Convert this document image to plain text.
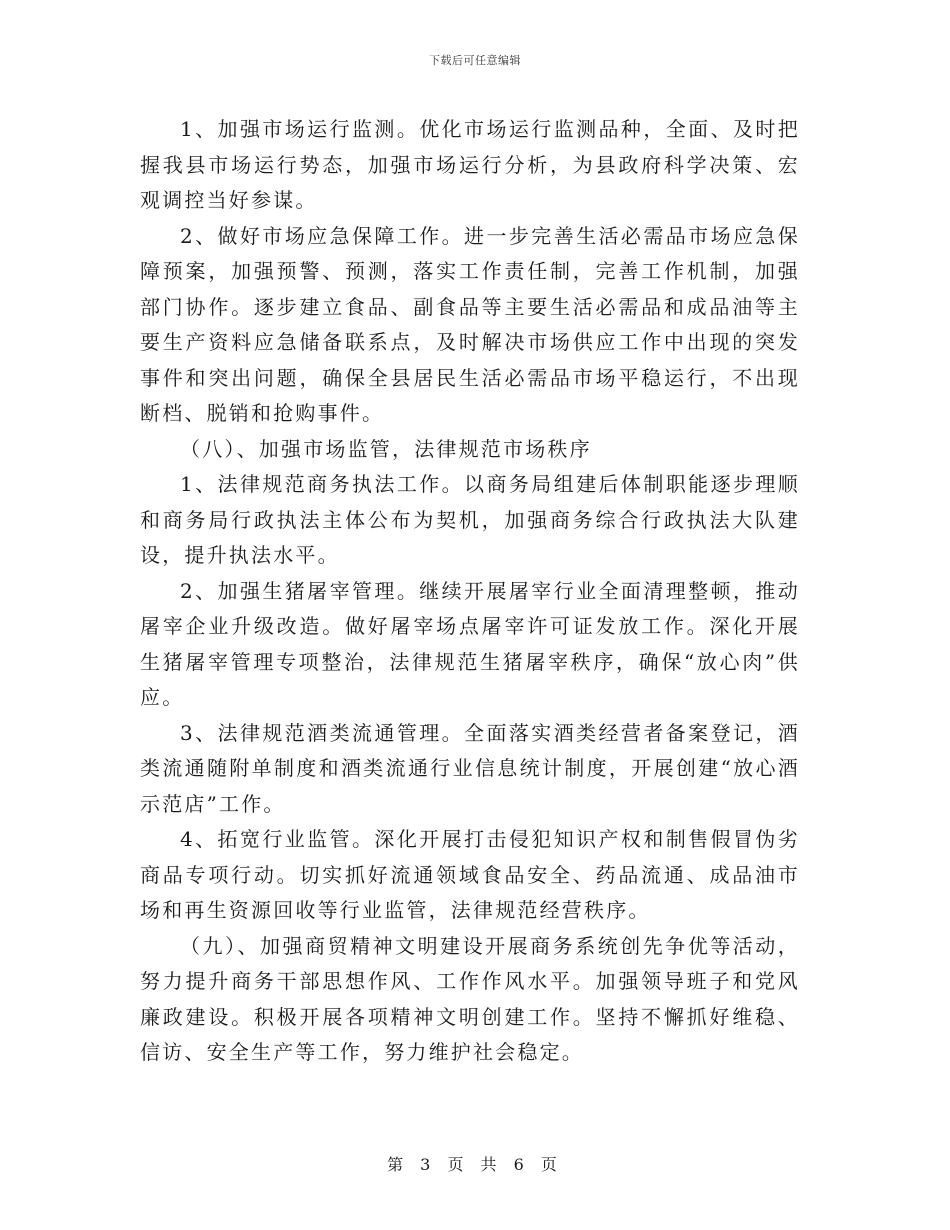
下载后可任意编辑

1、加强市场运行监测。优化市场运行监测品种，全面、及时把握我县市场运行势态，加强市场运行分析，为县政府科学决策、宏观调控当好参谋。

2、做好市场应急保障工作。进一步完善生活必需品市场应急保障预案，加强预警、预测，落实工作责任制，完善工作机制，加强部门协作。逐步建立食品、副食品等主要生活必需品和成品油等主要生产资料应急储备联系点，及时解决市场供应工作中出现的突发事件和突出问题，确保全县居民生活必需品市场平稳运行，不出现断档、脱销和抢购事件。

（八）、加强市场监管，法律规范市场秩序

1、法律规范商务执法工作。以商务局组建后体制职能逐步理顺和商务局行政执法主体公布为契机，加强商务综合行政执法大队建设，提升执法水平。

2、加强生猪屠宰管理。继续开展屠宰行业全面清理整顿，推动屠宰企业升级改造。做好屠宰场点屠宰许可证发放工作。深化开展生猪屠宰管理专项整治，法律规范生猪屠宰秩序，确保“放心肉”供应。

3、法律规范酒类流通管理。全面落实酒类经营者备案登记，酒类流通随附单制度和酒类流通行业信息统计制度，开展创建“放心酒示范店”工作。

4、拓宽行业监管。深化开展打击侵犯知识产权和制售假冒伪劣商品专项行动。切实抓好流通领域食品安全、药品流通、成品油市场和再生资源回收等行业监管，法律规范经营秩序。

（九）、加强商贸精神文明建设开展商务系统创先争优等活动，努力提升商务干部思想作风、工作作风水平。加强领导班子和党风廉政建设。积极开展各项精神文明创建工作。坚持不懈抓好维稳、信访、安全生产等工作，努力维护社会稳定。

第 3 页 共 6 页
